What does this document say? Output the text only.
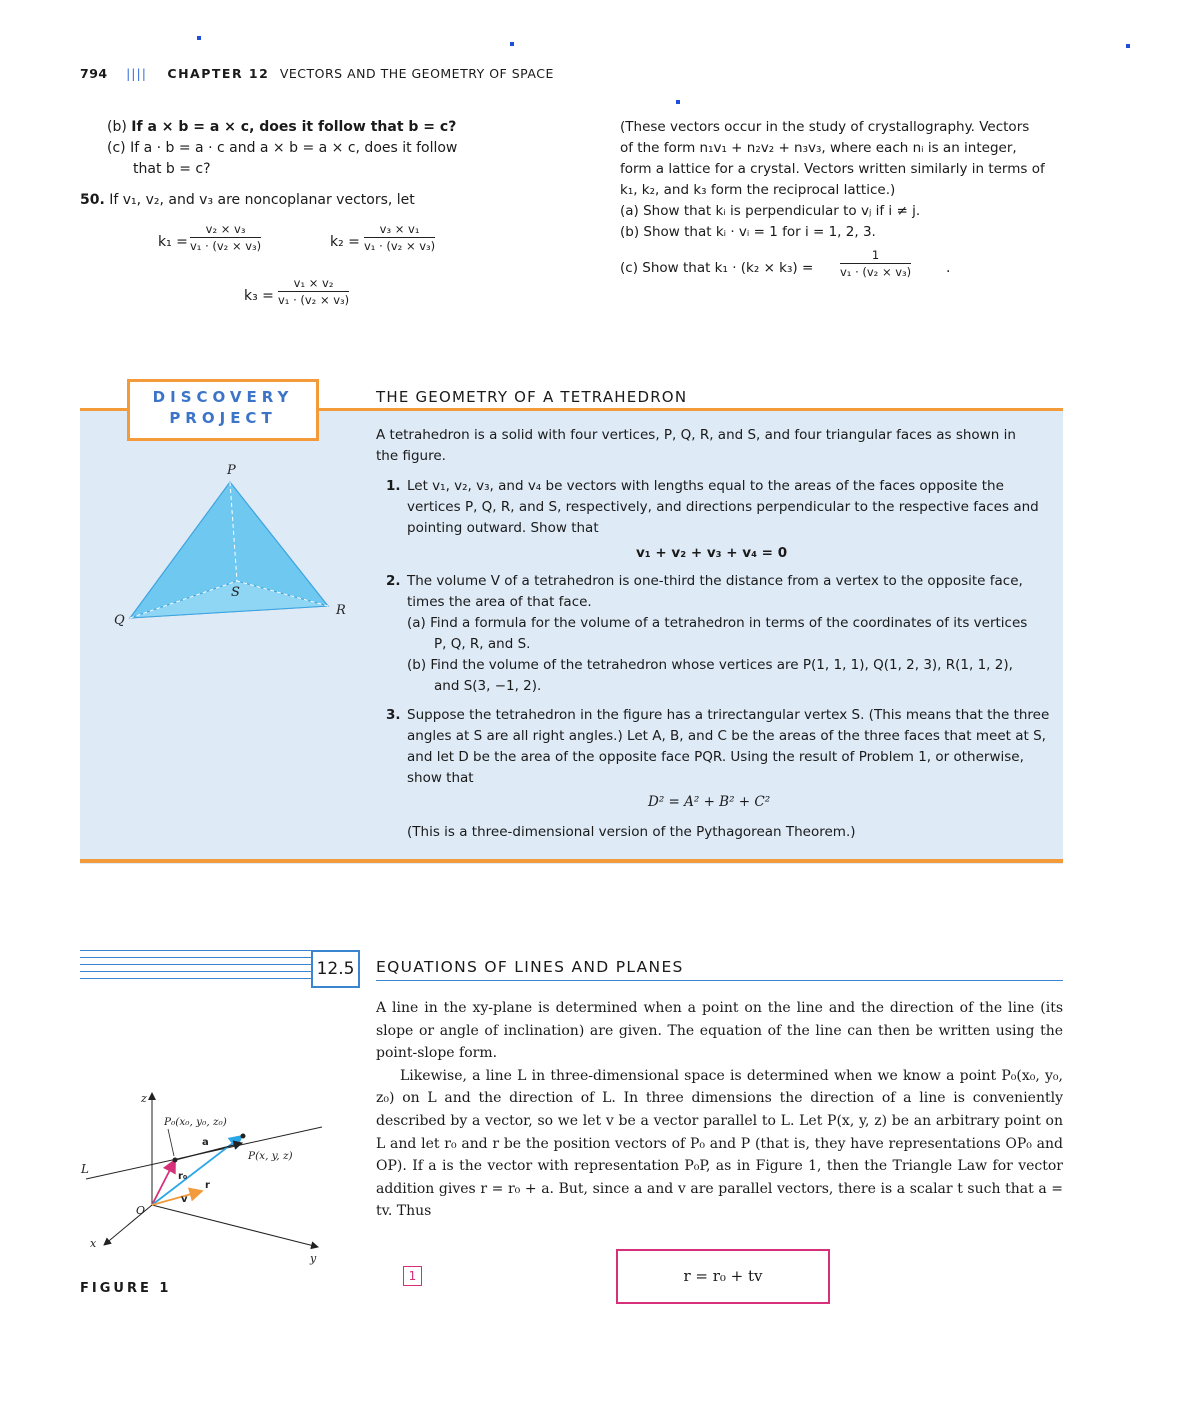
794 |||| CHAPTER 12 VECTORS AND THE GEOMETRY OF SPACE
(b) If a × b = a × c, does it follow that b = c?
(c) If a · b = a · c and a × b = a × c, does it follow
that b = c?
50. If v₁, v₂, and v₃ are noncoplanar vectors, let
$k_1 = \frac{\text{v₂ × v₃}}{\text{v₁ · (v₂ × v₃)}}$	$k_2 = \frac{\text{v₃ × v₁}}{\text{v₁ · (v₂ × v₃)}}$
$k_3 = \frac{\text{v₁ × v₂}}{\text{v₁ · (v₂ × v₃)}}$
(These vectors occur in the study of crystallography. Vectors
of the form n₁v₁ + n₂v₂ + n₃v₃, where each nᵢ is an integer,
form a lattice for a crystal. Vectors written similarly in terms of
k₁, k₂, and k₃ form the reciprocal lattice.)
(a) Show that kᵢ is perpendicular to vⱼ if i ≠ j.
(b) Show that kᵢ · vᵢ = 1 for i = 1, 2, 3.
(c) Show that $k_1 \cdot (k_2 \times k_3) = \frac{1}{\text{v₁ · (v₂ × v₃)}}$ .
DISCOVERY
PROJECT
THE GEOMETRY OF A TETRAHEDRON
P
Q
R
S
A tetrahedron is a solid with four vertices, P, Q, R, and S, and four triangular faces as shown in
the figure.
1. Let v₁, v₂, v₃, and v₄ be vectors with lengths equal to the areas of the faces opposite the
vertices P, Q, R, and S, respectively, and directions perpendicular to the respective faces and
pointing outward. Show that
v₁ + v₂ + v₃ + v₄ = 0
2. The volume V of a tetrahedron is one-third the distance from a vertex to the opposite face,
times the area of that face.
(a) Find a formula for the volume of a tetrahedron in terms of the coordinates of its vertices
P, Q, R, and S.
(b) Find the volume of the tetrahedron whose vertices are P(1, 1, 1), Q(1, 2, 3), R(1, 1, 2),
and S(3, −1, 2).
3. Suppose the tetrahedron in the figure has a trirectangular vertex S. (This means that the three
angles at S are all right angles.) Let A, B, and C be the areas of the three faces that meet at S,
and let D be the area of the opposite face PQR. Using the result of Problem 1, or otherwise,
show that
D² = A² + B² + C²
(This is a three-dimensional version of the Pythagorean Theorem.)
12.5	EQUATIONS OF LINES AND PLANES

A line in the xy-plane is determined when a point on the line and the direction of the line (its slope or angle of inclination) are given. The equation of the line can then be written using the point-slope form.

Likewise, a line L in three-dimensional space is determined when we know a point P₀(x₀, y₀, z₀) on L and the direction of L. In three dimensions the direction of a line is conveniently described by a vector, so we let v be a vector parallel to L. Let P(x, y, z) be an arbitrary point on L and let r₀ and r be the position vectors of P₀ and P (that is, they have representations OP₀ and OP). If a is the vector with representation P₀P, as in Figure 1, then the Triangle Law for vector addition gives r = r₀ + a. But, since a and v are parallel vectors, there is a scalar t such that a = tv. Thus

1	r = r₀ + tv
z
x
y
O
L
P₀(x₀, y₀, z₀)
P(x, y, z)
a
r₀
r
v
FIGURE 1
